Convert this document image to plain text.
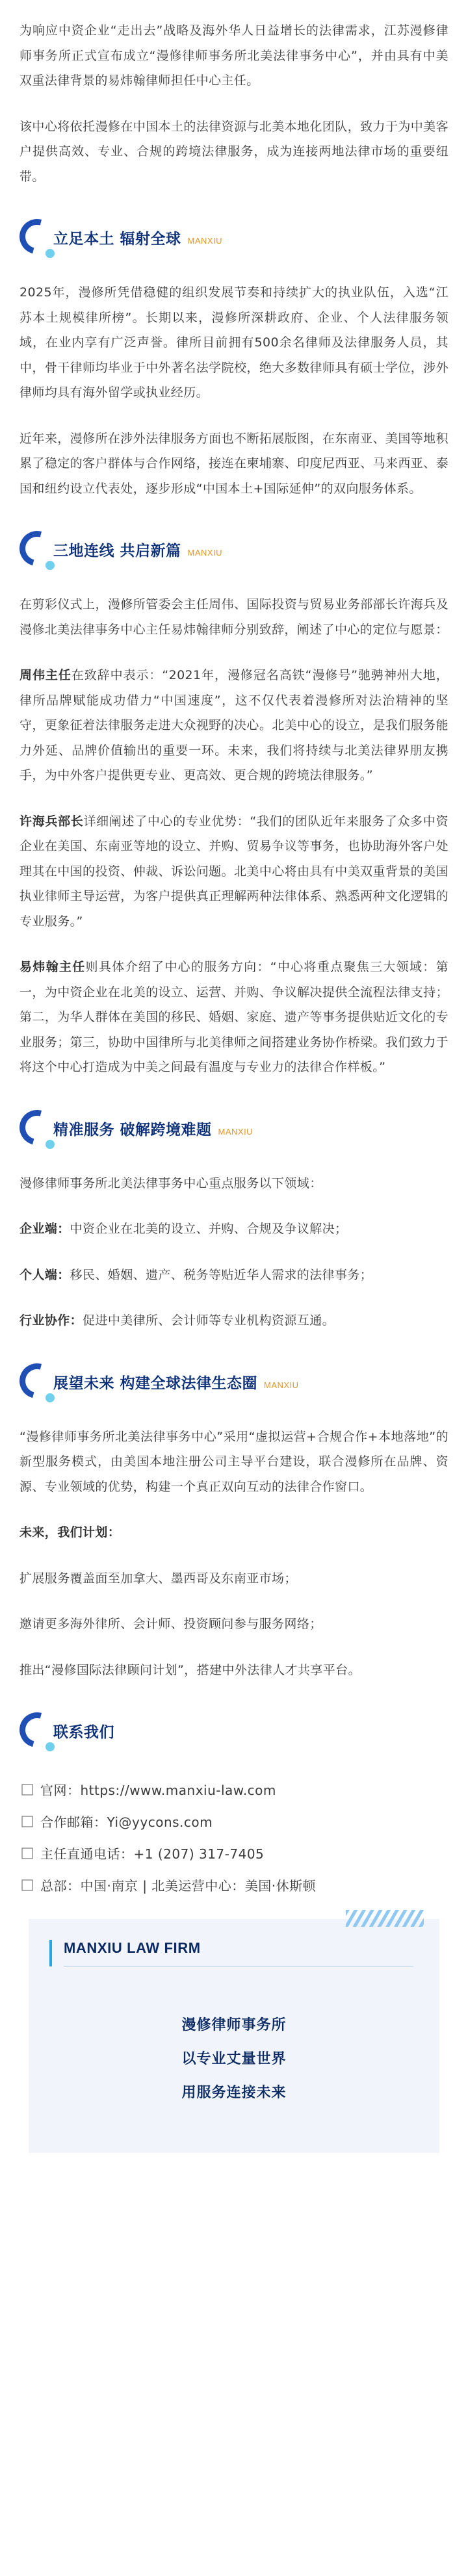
为响应中资企业“走出去”战略及海外华人日益增长的法律需求，江苏漫修律师事务所正式宣布成立“漫修律师事务所北美法律事务中心”，并由具有中美双重法律背景的易炜翰律师担任中心主任。

该中心将依托漫修在中国本土的法律资源与北美本地化团队，致力于为中美客户提供高效、专业、合规的跨境法律服务，成为连接两地法律市场的重要纽带。

立足本土 辐射全球 MANXIU

2025年，漫修所凭借稳健的组织发展节奏和持续扩大的执业队伍，入选“江苏本土规模律所榜”。长期以来，漫修所深耕政府、企业、个人法律服务领域，在业内享有广泛声誉。律所目前拥有500余名律师及法律服务人员，其中，骨干律师均毕业于中外著名法学院校，绝大多数律师具有硕士学位，涉外律师均具有海外留学或执业经历。

近年来，漫修所在涉外法律服务方面也不断拓展版图，在东南亚、美国等地积累了稳定的客户群体与合作网络，接连在柬埔寨、印度尼西亚、马来西亚、泰国和纽约设立代表处，逐步形成“中国本土+国际延伸”的双向服务体系。

三地连线 共启新篇 MANXIU

在剪彩仪式上，漫修所管委会主任周伟、国际投资与贸易业务部部长许海兵及漫修北美法律事务中心主任易炜翰律师分别致辞，阐述了中心的定位与愿景：

周伟主任在致辞中表示：“2021年，漫修冠名高铁“漫修号”驰骋神州大地，律所品牌赋能成功借力“中国速度”，这不仅代表着漫修所对法治精神的坚守，更象征着法律服务走进大众视野的决心。北美中心的设立，是我们服务能力外延、品牌价值输出的重要一环。未来，我们将持续与北美法律界朋友携手，为中外客户提供更专业、更高效、更合规的跨境法律服务。”

许海兵部长详细阐述了中心的专业优势：“我们的团队近年来服务了众多中资企业在美国、东南亚等地的设立、并购、贸易争议等事务，也协助海外客户处理其在中国的投资、仲裁、诉讼问题。北美中心将由具有中美双重背景的美国执业律师主导运营，为客户提供真正理解两种法律体系、熟悉两种文化逻辑的专业服务。”

易炜翰主任则具体介绍了中心的服务方向：“中心将重点聚焦三大领域：第一，为中资企业在北美的设立、运营、并购、争议解决提供全流程法律支持；第二，为华人群体在美国的移民、婚姻、家庭、遗产等事务提供贴近文化的专业服务；第三，协助中国律所与北美律师之间搭建业务协作桥梁。我们致力于将这个中心打造成为中美之间最有温度与专业力的法律合作样板。”

精准服务 破解跨境难题 MANXIU

漫修律师事务所北美法律事务中心重点服务以下领域：

企业端：中资企业在北美的设立、并购、合规及争议解决；

个人端：移民、婚姻、遗产、税务等贴近华人需求的法律事务；

行业协作：促进中美律所、会计师等专业机构资源互通。

展望未来 构建全球法律生态圈 MANXIU

“漫修律师事务所北美法律事务中心”采用“虚拟运营+合规合作+本地落地”的新型服务模式，由美国本地注册公司主导平台建设，联合漫修所在品牌、资源、专业领域的优势，构建一个真正双向互动的法律合作窗口。

未来，我们计划：

扩展服务覆盖面至加拿大、墨西哥及东南亚市场；

邀请更多海外律所、会计师、投资顾问参与服务网络；

推出“漫修国际法律顾问计划”，搭建中外法律人才共享平台。

联系我们
官网：https://www.manxiu-law.com
合作邮箱：Yi@yycons.com
主任直通电话：+1 (207) 317-7405
总部：中国·南京 | 北美运营中心：美国·休斯顿
MANXIU LAW FIRM
漫修律师事务所
以专业丈量世界
用服务连接未来
